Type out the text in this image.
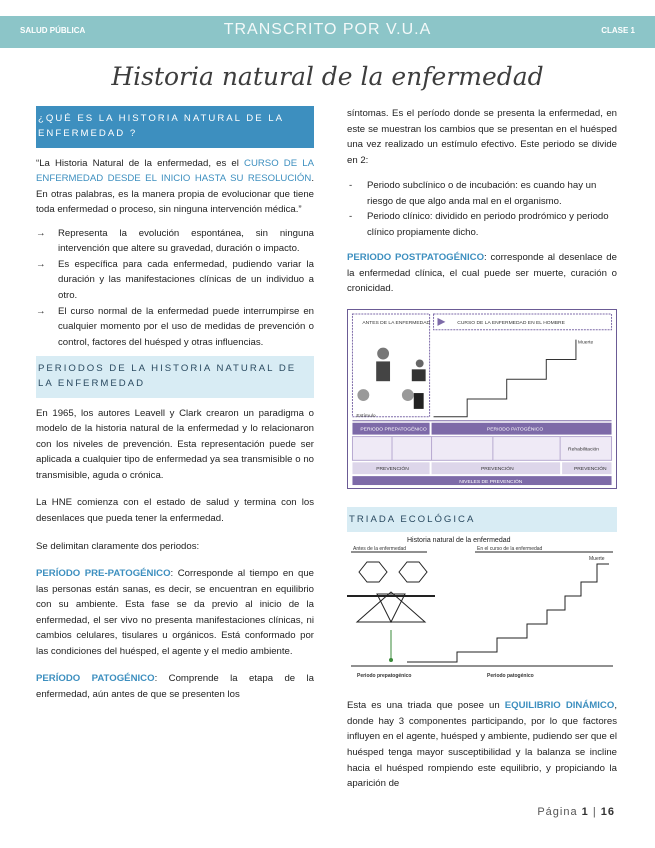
SALUD PÚBLICA	TRANSCRITO POR V.U.A	CLASE 1
Historia natural de la enfermedad
¿QUÉ ES LA HISTORIA NATURAL DE LA ENFERMEDAD ?
“La Historia Natural de la enfermedad, es el CURSO DE LA ENFERMEDAD DESDE EL INICIO HASTA SU RESOLUCIÓN. En otras palabras, es la manera propia de evolucionar que tiene toda enfermedad o proceso, sin ninguna intervención médica.”
→ Representa la evolución espontánea, sin ninguna intervención que altere su gravedad, duración o impacto.
→ Es específica para cada enfermedad, pudiendo variar la duración y las manifestaciones clínicas de un individuo a otro.
→ El curso normal de la enfermedad puede interrumpirse en cualquier momento por el uso de medidas de prevención o control, factores del huésped y otras influencias.
PERIODOS DE LA HISTORIA NATURAL DE LA ENFERMEDAD
En 1965, los autores Leavell y Clark crearon un paradigma o modelo de la historia natural de la enfermedad y lo relacionaron con los niveles de prevención. Esta representación puede ser aplicada a cualquier tipo de enfermedad ya sea transmisible o no transmisible, aguda o crónica.
La HNE comienza con el estado de salud y termina con los desenlaces que pueda tener la enfermedad.
Se delimitan claramente dos periodos:
PERÍODO PRE-PATOGÉNICO: Corresponde al tiempo en que las personas están sanas, es decir, se encuentran en equilibrio con su ambiente. Esta fase se da previo al inicio de la enfermedad, el ser vivo no presenta manifestaciones clínicas, ni cambios celulares, tisulares u orgánicos. Está conformado por las condiciones del huésped, el agente y el medio ambiente.
PERÍODO PATOGÉNICO: Comprende la etapa de la enfermedad, aún antes de que se presenten los
síntomas. Es el período donde se presenta la enfermedad, en este se muestran los cambios que se presentan en el huésped una vez realizado un estímulo efectivo. Este periodo se divide en 2:
- Periodo subclínico o de incubación: es cuando hay un riesgo de que algo anda mal en el organismo.
- Periodo clínico: dividido en periodo prodrómico y periodo clínico propiamente dicho.
PERIODO POSTPATOGÉNICO: corresponde al desenlace de la enfermedad clínica, el cual puede ser muerte, curación o cronicidad.
ANTES DE LA ENFERMEDAD	CURSO DE LA ENFERMEDAD EN EL HOMBRE
Muerte
Estímulo
PERIODO PREPATOGÉNICO	PERIODO PATOGÉNICO
Rehabilitación
PREVENCIÓN	PREVENCIÓN	PREVENCIÓN
NIVELES DE PREVENCIÓN
TRIADA ECOLÓGICA
Historia natural de la enfermedad
Antes de la enfermedad	En el curso de la enfermedad
Muerte
Periodo prepatogénico	Periodo patogénico
Esta es una triada que posee un EQUILIBRIO DINÁMICO, donde hay 3 componentes participando, por lo que factores influyen en el agente, huésped y ambiente, pudiendo ser que el huésped tenga mayor susceptibilidad y la balanza se incline hacia el huésped rompiendo este equilibrio, y propiciando la aparición de
Página 1 | 16
